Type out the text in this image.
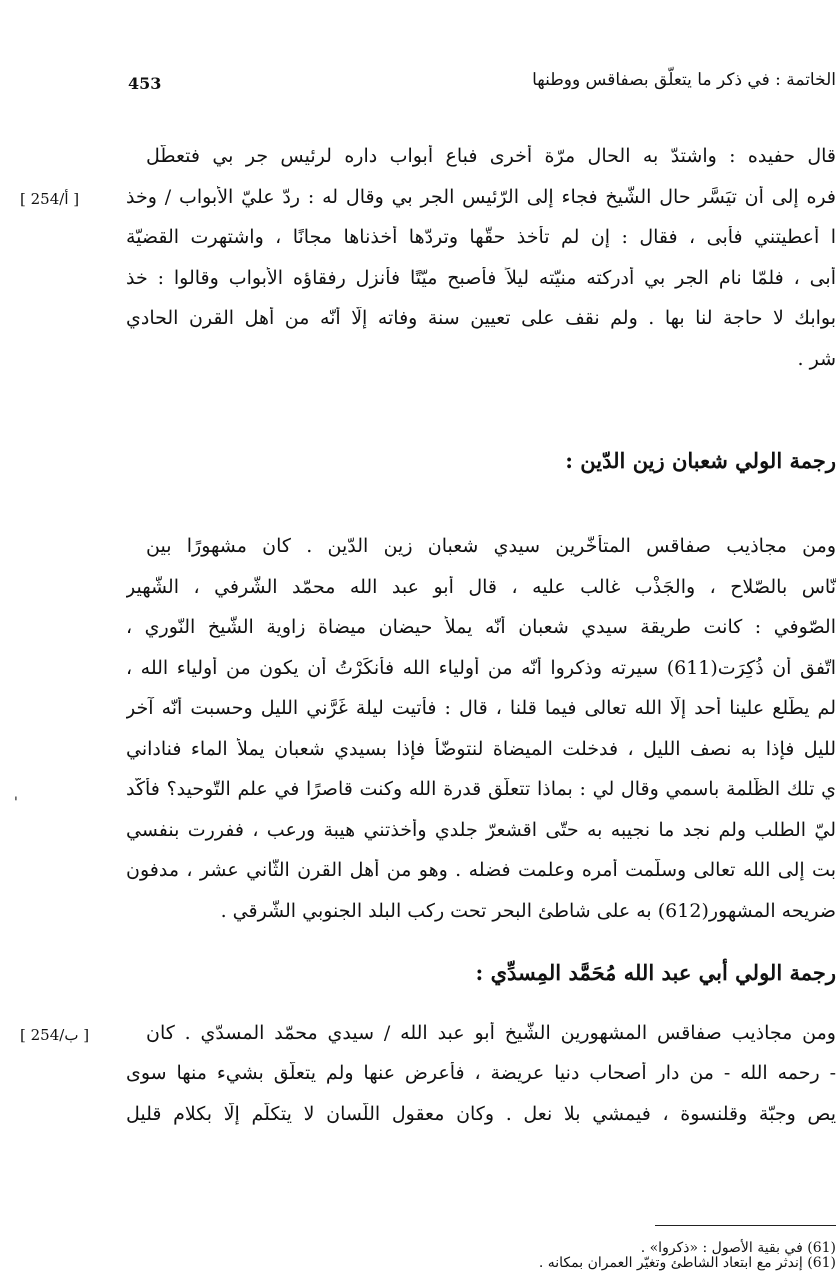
453	الخاتمة : في ذكر ما يتعلّق بصفاقس ووطنها
قال حفيده : واشتدّ به الحال مرّة أخرى فباع أبواب داره لرئيس جر بي فتعطّل
فره إلى أن تيَسَّر حال الشّيخ فجاء إلى الرّئيس الجر بي وقال له : ردّ عليّ الأبواب / وخذ
ا أعطيتني فأبى ، فقال : إن لم تأخذ حقّها وتردّها أخذناها مجانًا ، واشتهرت القضيّة
أبى ، فلمّا نام الجر بي أدركته منيّته ليلاً فأصبح ميّتًا فأنزل رفقاؤه الأبواب وقالوا : خذ
بوابك لا حاجة لنا بها . ولم نقف على تعيين سنة وفاته إلّا أنّه من أهل القرن الحادي
شر .
[ 254/أ ]
رجمة الولي شعبان زين الدّين :
ومن مجاذيب صفاقس المتأخّرين سيدي شعبان زين الدّين . كان مشهورًا بين
نّاس بالصّلاح ، والجَذْب غالب عليه ، قال أبو عبد الله محمّد الشّرفي ، الشّهير
الصّوفي : كانت طريقة سيدي شعبان أنّه يملأ حيضان ميضاة زاوية الشّيخ النّوري ،
اتّفق أن ذُكِرَت(611) سيرته وذكروا أنّه من أولياء الله فأَنكَرْتُ أن يكون من أولياء الله ،
لم يطّلع علينا أحد إلّا الله تعالى فيما قلنا ، قال : فأتيت ليلة غَرَّني الليل وحسبت أنّه آخر
لليل فإذا به نصف الليل ، فدخلت الميضاة لنتوضّأ فإذا بسيدي شعبان يملأ الماء فناداني
ي تلك الظّلمة باسمي وقال لي : بماذا تتعلّق قدرة الله وكنت قاصرًا في علم التّوحيد؟ فأكّد
ليّ الطلب ولم نجد ما نجيبه به حتّى اقشعرّ جلدي وأخذتني هيبة ورعب ، ففررت بنفسي
بت إلى الله تعالى وسلّمت أمره وعلمت فضله . وهو من أهل القرن الثّاني عشر ، مدفون
ضريحه المشهور(612) به على شاطئ البحر تحت ركب البلد الجنوبي الشّرقي .
'
رجمة الولي أبي عبد الله مُحَمَّد المِسدِّي :
ومن مجاذيب صفاقس المشهورين الشّيخ أبو عبد الله / سيدي محمّد المسدّي . كان
- رحمه الله - من دار أصحاب دنيا عريضة ، فأعرض عنها ولم يتعلّق بشيء منها سوى
يص وجبّة وقلنسوة ، فيمشي بلا نعل . وكان معقول اللّسان لا يتكلّم إلّا بكلام قليل
[ 254/ب ]
(61) في بقية الأصول : «ذكروا» .
(61) إندثر مع ابتعاد الشاطئ وتغيّر العمران بمكانه .
